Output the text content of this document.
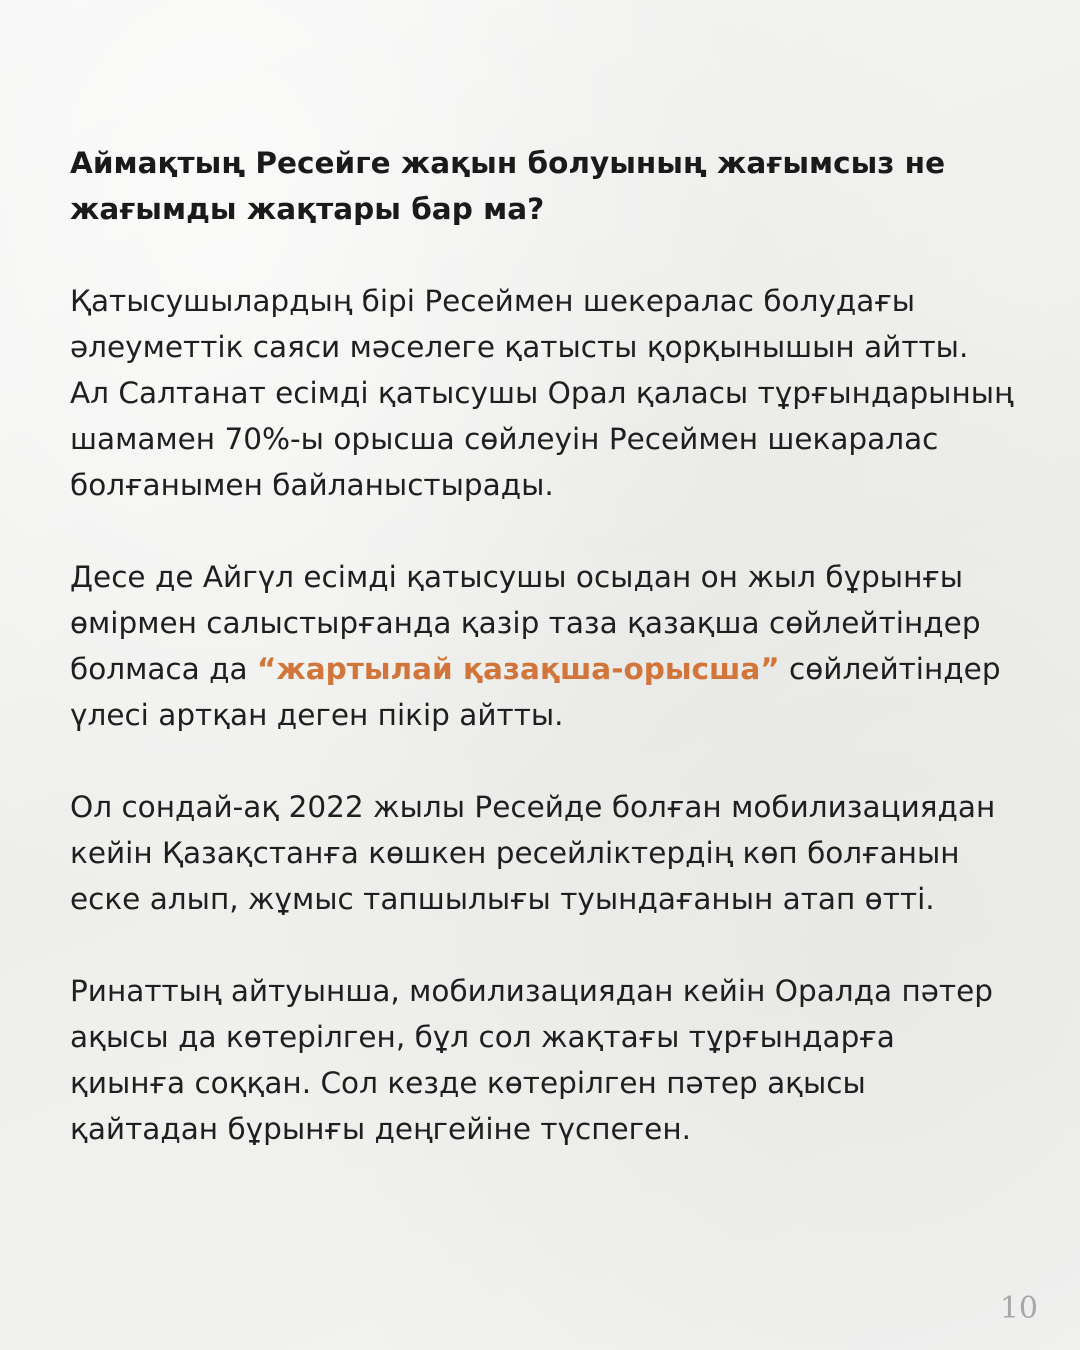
Аймақтың Ресейге жақын болуының жағымсыз не жағымды жақтары бар ма?

Қатысушылардың бірі Ресеймен шекералас болудағы әлеуметтік саяси мәселеге қатысты қорқынышын айтты. Ал Салтанат есімді қатысушы Орал қаласы тұрғындарының шамамен 70%-ы орысша сөйлеуін Ресеймен шекаралас болғанымен байланыстырады.

Десе де Айгүл есімді қатысушы осыдан он жыл бұрынғы өмірмен салыстырғанда қазір таза қазақша сөйлейтіндер болмаса да “жартылай қазақша-орысша” сөйлейтіндер үлесі артқан деген пікір айтты.

Ол сондай-ақ 2022 жылы Ресейде болған мобилизациядан кейін Қазақстанға көшкен ресейліктердің көп болғанын еске алып, жұмыс тапшылығы туындағанын атап өтті.

Ринаттың айтуынша, мобилизациядан кейін Оралда пәтер ақысы да көтерілген, бұл сол жақтағы тұрғындарға қиынға соққан. Сол кезде көтерілген пәтер ақысы қайтадан бұрынғы деңгейіне түспеген.

10
